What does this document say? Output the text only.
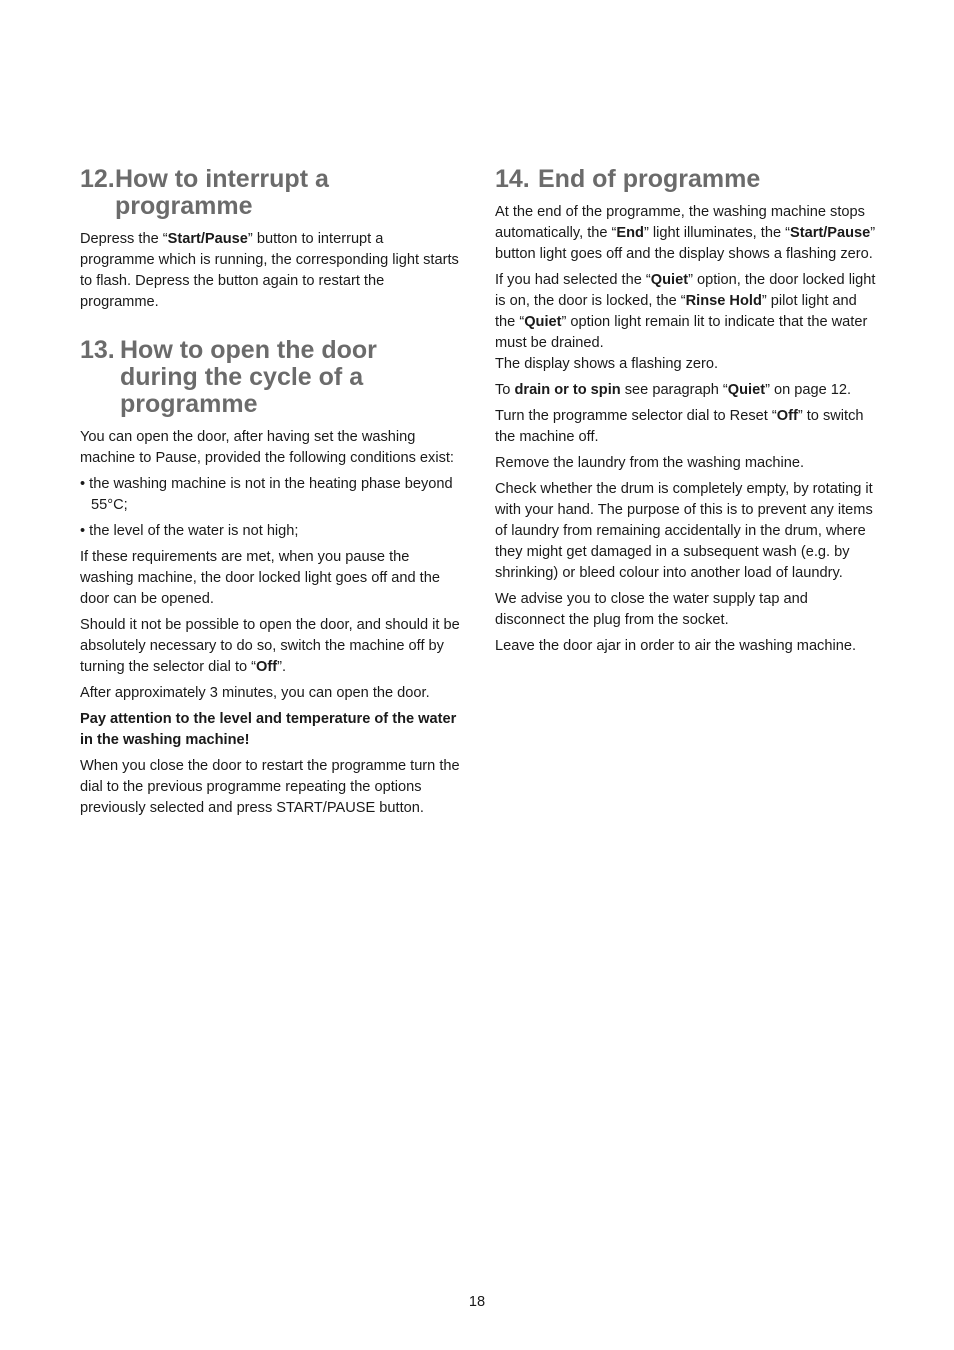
12. How to interrupt a programme

Depress the “Start/Pause” button to interrupt a programme which is running, the corresponding light starts to flash. Depress the button again to restart the programme.

13. How to open the door during the cycle of a programme

You can open the door, after having set the washing machine to Pause, provided the following conditions exist:

• the washing machine is not in the heating phase beyond 55°C;

• the level of the water is not high;

If these requirements are met, when you pause the washing machine, the door locked light goes off and the door can be opened.

Should it not be possible to open the door, and should it be absolutely necessary to do so, switch the machine off by turning the selector dial to “Off”.

After approximately 3 minutes, you can open the door.

Pay attention to the level and temperature of the water in the washing machine!

When you close the door to restart the programme turn the dial to the previous programme repeating the options previously selected and press START/PAUSE button.

14. End of programme

At the end of the programme, the washing machine stops automatically, the “End” light illuminates, the “Start/Pause” button light goes off and the display shows a flashing zero.

If you had selected the “Quiet” option, the door locked light is on, the door is locked, the “Rinse Hold” pilot light and the “Quiet” option light remain lit to indicate that the water must be drained.
The display shows a flashing zero.

To drain or to spin see paragraph “Quiet” on page 12.

Turn the programme selector dial to Reset “Off” to switch the machine off.

Remove the laundry from the washing machine.

Check whether the drum is completely empty, by rotating it with your hand. The purpose of this is to prevent any items of laundry from remaining accidentally in the drum, where they might get damaged in a subsequent wash (e.g. by shrinking) or bleed colour into another load of laundry.

We advise you to close the water supply tap and disconnect the plug from the socket.

Leave the door ajar in order to air the washing machine.

18
